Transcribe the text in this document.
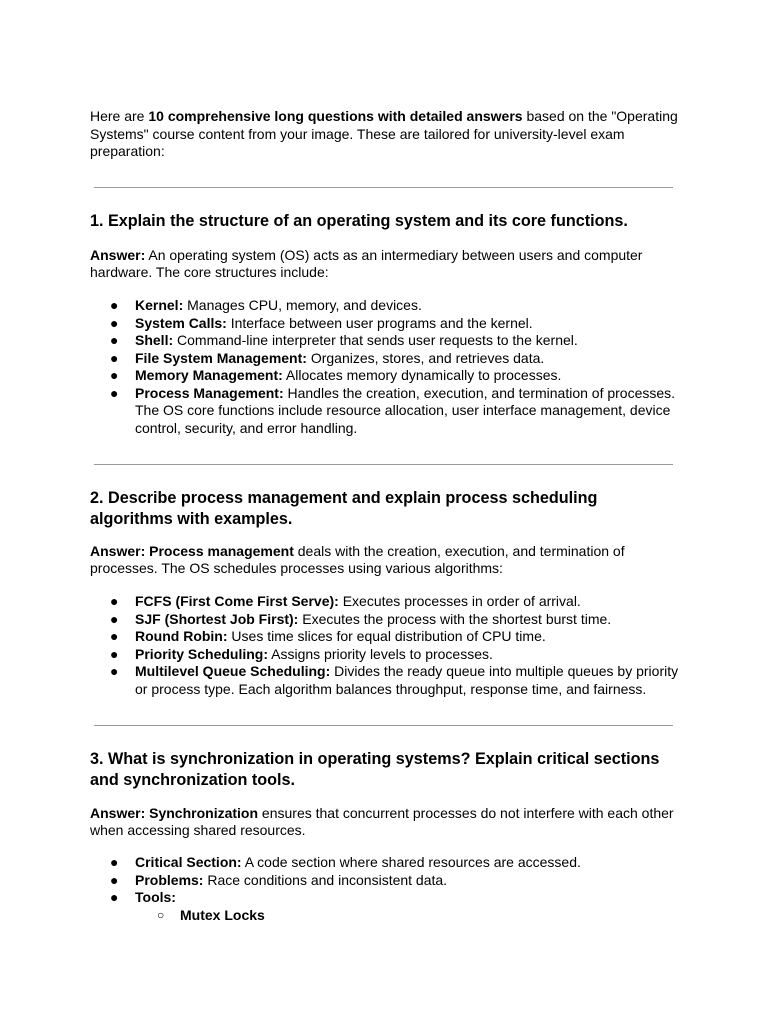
Here are 10 comprehensive long questions with detailed answers based on the "Operating Systems" course content from your image. These are tailored for university-level exam preparation:

1. Explain the structure of an operating system and its core functions.

Answer: An operating system (OS) acts as an intermediary between users and computer hardware. The core structures include:

● Kernel: Manages CPU, memory, and devices.
● System Calls: Interface between user programs and the kernel.
● Shell: Command-line interpreter that sends user requests to the kernel.
● File System Management: Organizes, stores, and retrieves data.
● Memory Management: Allocates memory dynamically to processes.
● Process Management: Handles the creation, execution, and termination of processes. The OS core functions include resource allocation, user interface management, device control, security, and error handling.
2. Describe process management and explain process scheduling algorithms with examples.

Answer: Process management deals with the creation, execution, and termination of processes. The OS schedules processes using various algorithms:

● FCFS (First Come First Serve): Executes processes in order of arrival.
● SJF (Shortest Job First): Executes the process with the shortest burst time.
● Round Robin: Uses time slices for equal distribution of CPU time.
● Priority Scheduling: Assigns priority levels to processes.
● Multilevel Queue Scheduling: Divides the ready queue into multiple queues by priority or process type. Each algorithm balances throughput, response time, and fairness.
3. What is synchronization in operating systems? Explain critical sections and synchronization tools.

Answer: Synchronization ensures that concurrent processes do not interfere with each other when accessing shared resources.

● Critical Section: A code section where shared resources are accessed.
● Problems: Race conditions and inconsistent data.
● Tools:
○ Mutex Locks
